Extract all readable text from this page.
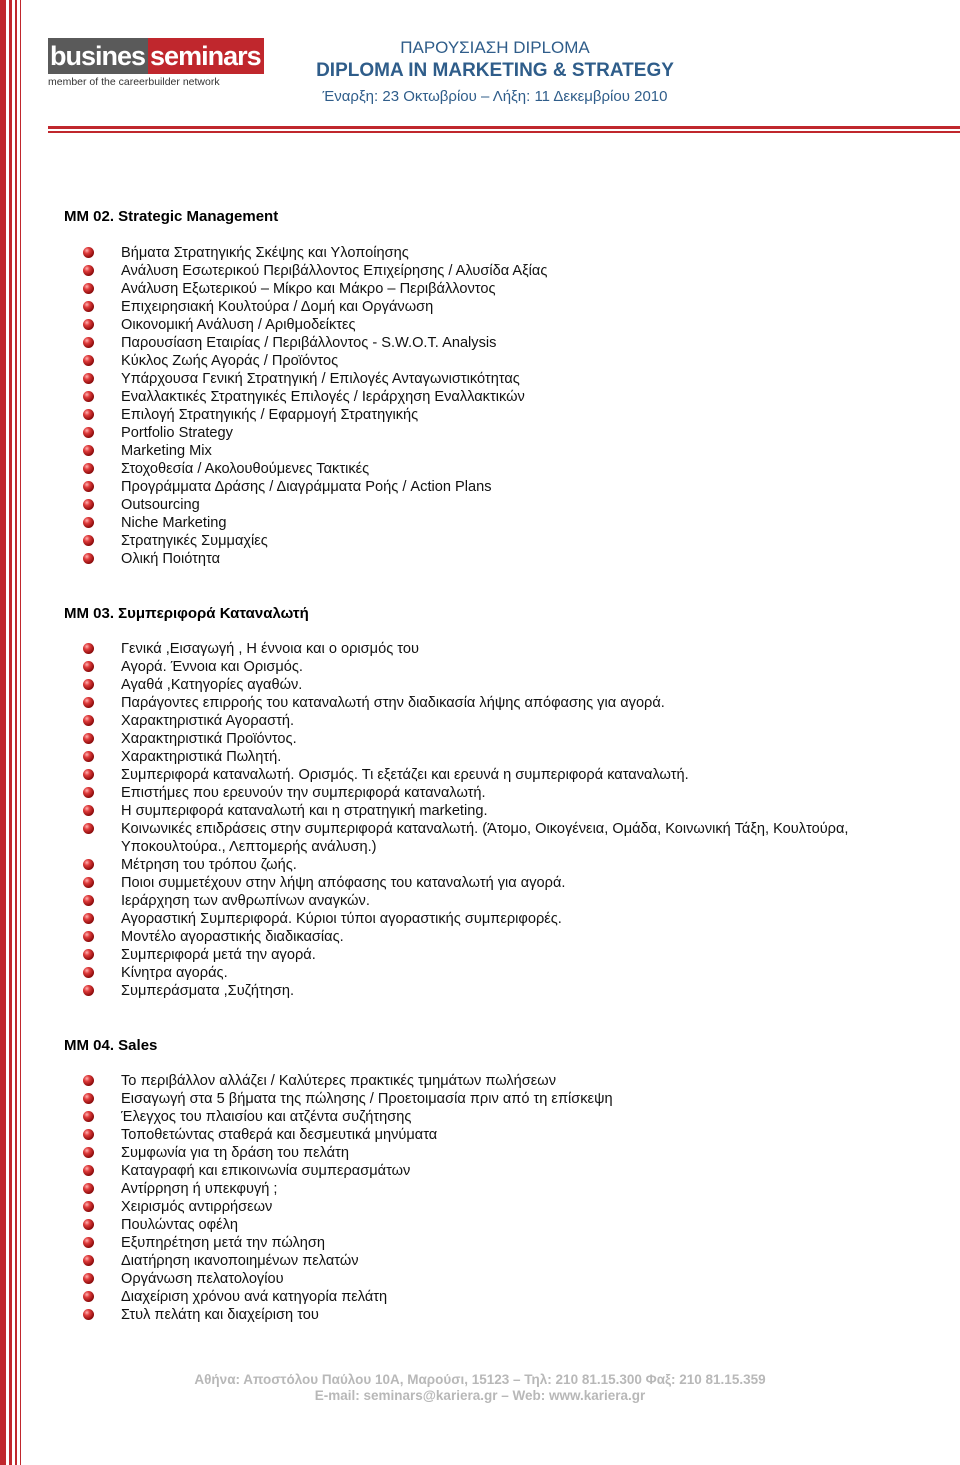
busines seminars
member of the careerbuilder network
ΠΑΡΟΥΣΙΑΣΗ DIPLOMA
DIPLOMA IN MARKETING & STRATEGY
Έναρξη: 23 Οκτωβρίου – Λήξη: 11 Δεκεμβρίου 2010
MM 02. Strategic Management
Βήματα Στρατηγικής Σκέψης και Υλοποίησης
Ανάλυση Εσωτερικού Περιβάλλοντος Επιχείρησης / Αλυσίδα Αξίας
Ανάλυση Εξωτερικού – Μίκρο και Μάκρο – Περιβάλλοντος
Επιχειρησιακή Κουλτούρα / Δομή και Οργάνωση
Οικονομική Ανάλυση / Αριθμοδείκτες
Παρουσίαση Εταιρίας / Περιβάλλοντος - S.W.O.T. Analysis
Κύκλος Ζωής Αγοράς / Προϊόντος
Υπάρχουσα Γενική Στρατηγική / Επιλογές Ανταγωνιστικότητας
Εναλλακτικές Στρατηγικές Επιλογές / Ιεράρχηση Εναλλακτικών
Επιλογή Στρατηγικής / Εφαρμογή Στρατηγικής
Portfolio Strategy
Marketing Mix
Στοχοθεσία / Ακολουθούμενες Τακτικές
Προγράμματα Δράσης / Διαγράμματα Ροής / Action Plans
Outsourcing
Niche Marketing
Στρατηγικές Συμμαχίες
Ολική Ποιότητα
MM 03. Συμπεριφορά Καταναλωτή
Γενικά ,Εισαγωγή , Η έννοια και ο ορισμός του
Αγορά. Έννοια και Ορισμός.
Αγαθά ,Κατηγορίες αγαθών.
Παράγοντες επιρροής του καταναλωτή στην διαδικασία λήψης απόφασης για αγορά.
Χαρακτηριστικά Αγοραστή.
Χαρακτηριστικά Προϊόντος.
Χαρακτηριστικά Πωλητή.
Συμπεριφορά καταναλωτή. Ορισμός. Τι εξετάζει και ερευνά η συμπεριφορά καταναλωτή.
Επιστήμες που ερευνούν την συμπεριφορά καταναλωτή.
Η συμπεριφορά καταναλωτή και η στρατηγική marketing.
Κοινωνικές επιδράσεις στην συμπεριφορά καταναλωτή. (Άτομο, Οικογένεια, Ομάδα, Κοινωνική Τάξη, Κουλτούρα, Υποκουλτούρα., Λεπτομερής ανάλυση.)
Μέτρηση του τρόπου ζωής.
Ποιοι συμμετέχουν στην λήψη απόφασης του καταναλωτή για αγορά.
Ιεράρχηση των ανθρωπίνων αναγκών.
Αγοραστική Συμπεριφορά. Κύριοι τύποι αγοραστικής συμπεριφορές.
Μοντέλο αγοραστικής διαδικασίας.
Συμπεριφορά μετά την αγορά.
Κίνητρα αγοράς.
Συμπεράσματα ,Συζήτηση.
MM 04. Sales
Το περιβάλλον αλλάζει / Καλύτερες πρακτικές τμημάτων πωλήσεων
Εισαγωγή στα 5 βήματα της πώλησης / Προετοιμασία πριν από τη επίσκεψη
Έλεγχος του πλαισίου και ατζέντα συζήτησης
Τοποθετώντας σταθερά και δεσμευτικά μηνύματα
Συμφωνία για τη δράση του πελάτη
Καταγραφή και επικοινωνία συμπερασμάτων
Αντίρρηση ή υπεκφυγή ;
Χειρισμός αντιρρήσεων
Πουλώντας οφέλη
Εξυπηρέτηση μετά την πώληση
Διατήρηση ικανοποιημένων πελατών
Οργάνωση πελατολογίου
Διαχείριση χρόνου ανά κατηγορία πελάτη
Στυλ πελάτη και διαχείριση του
Αθήνα: Αποστόλου Παύλου 10Α, Μαρούσι, 15123 – Τηλ: 210 81.15.300 Φαξ: 210 81.15.359
E-mail: seminars@kariera.gr – Web: www.kariera.gr
